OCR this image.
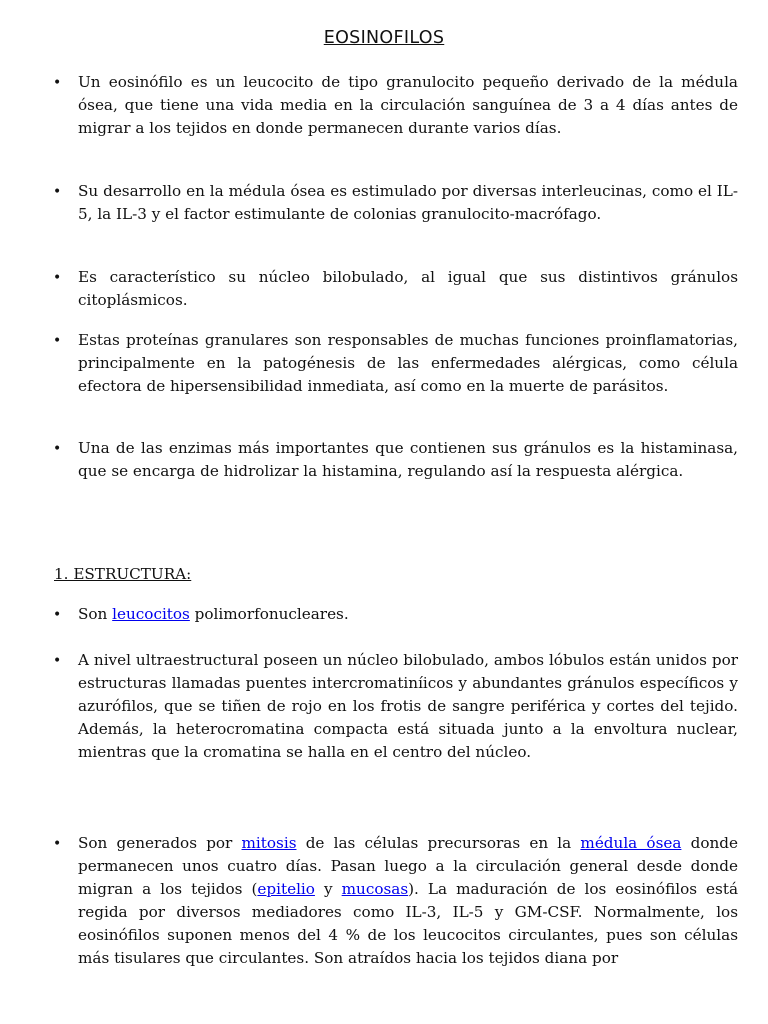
EOSINOFILOS
• Un eosinófilo es un leucocito de tipo granulocito pequeño derivado de la médula ósea, que tiene una vida media en la circulación sanguínea de 3 a 4 días antes de migrar a los tejidos en donde permanecen durante varios días.
• Su desarrollo en la médula ósea es estimulado por diversas interleucinas, como el IL-5, la IL-3 y el factor estimulante de colonias granulocito-macrófago.
• Es característico su núcleo bilobulado, al igual que sus distintivos gránulos citoplásmicos.
• Estas proteínas granulares son responsables de muchas funciones proinflamatorias, principalmente en la patogénesis de las enfermedades alérgicas, como célula efectora de hipersensibilidad inmediata, así como en la muerte de parásitos.
• Una de las enzimas más importantes que contienen sus gránulos es la histaminasa, que se encarga de hidrolizar la histamina, regulando así la respuesta alérgica.
1. ESTRUCTURA:
• Son leucocitos polimorfonucleares.
• A nivel ultraestructural poseen un núcleo bilobulado, ambos lóbulos están unidos por estructuras llamadas puentes intercromatiníicos y abundantes gránulos específicos y azurófilos, que se tiñen de rojo en los frotis de sangre periférica y cortes del tejido. Además, la heterocromatina compacta está situada junto a la envoltura nuclear, mientras que la cromatina se halla en el centro del núcleo.
• Son generados por mitosis de las células precursoras en la médula ósea donde permanecen unos cuatro días. Pasan luego a la circulación general desde donde migran a los tejidos (epitelio y mucosas). La maduración de los eosinófilos está regida por diversos mediadores como IL-3, IL-5 y GM-CSF. Normalmente, los eosinófilos suponen menos del 4 % de los leucocitos circulantes, pues son células más tisulares que circulantes. Son atraídos hacia los tejidos diana por
